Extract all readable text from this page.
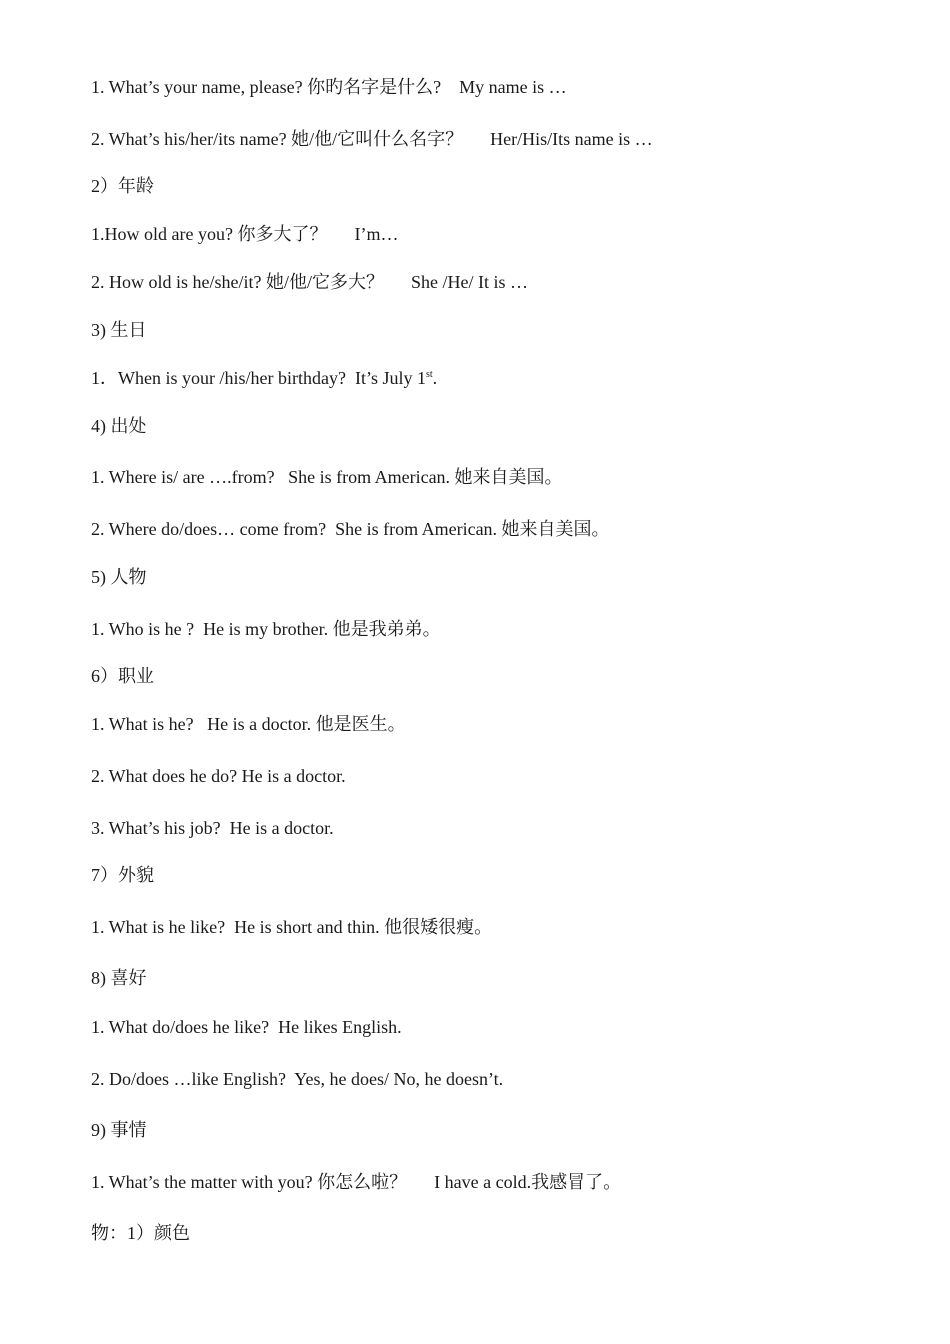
1. What’s your name, please? 你旳名字是什么?    My name is …
2. What’s his/her/its name? 她/他/它叫什么名字？      Her/His/Its name is …
2）年龄
1.How old are you? 你多大了？      I’m…
2. How old is he/she/it? 她/他/它多大？      She /He/ It is …
3) 生日
1．When is your /his/her birthday?  It’s July 1st.
4) 出处
1. Where is/ are ….from?   She is from American. 她来自美国。
2. Where do/does… come from?  She is from American. 她来自美国。
5) 人物
1. Who is he ?  He is my brother. 他是我弟弟。
6）职业
1. What is he?   He is a doctor. 他是医生。
2. What does he do? He is a doctor.
3. What’s his job?  He is a doctor.
7）外貌
1. What is he like?  He is short and thin. 他很矮很瘦。
8) 喜好
1. What do/does he like?  He likes English.
2. Do/does …like English?  Yes, he does/ No, he doesn’t.
9) 事情
1. What’s the matter with you? 你怎么啦？      I have a cold.我感冒了。
物：1）颜色
